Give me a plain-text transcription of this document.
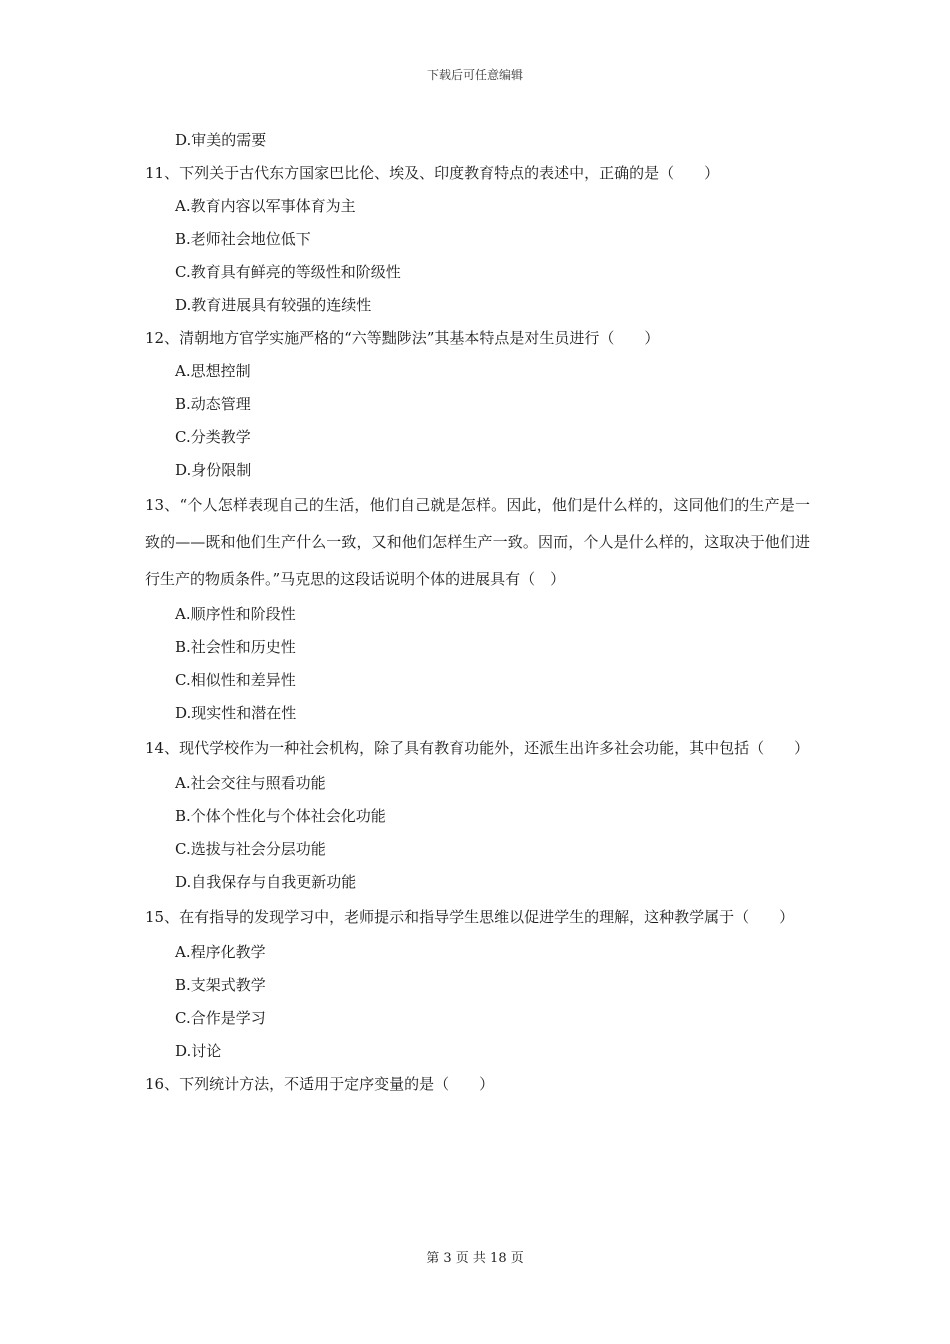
下载后可任意编辑
D.审美的需要
11、下列关于古代东方国家巴比伦、埃及、印度教育特点的表述中，正确的是（　　）
A.教育内容以军事体育为主
B.老师社会地位低下
C.教育具有鲜亮的等级性和阶级性
D.教育进展具有较强的连续性
12、清朝地方官学实施严格的“六等黜陟法”其基本特点是对生员进行（　　）
A.思想控制
B.动态管理
C.分类教学
D.身份限制
13、“个人怎样表现自己的生活，他们自己就是怎样。因此，他们是什么样的，这同他们的生产是一致的——既和他们生产什么一致，又和他们怎样生产一致。因而，个人是什么样的，这取决于他们进行生产的物质条件。”马克思的这段话说明个体的进展具有（　）
A.顺序性和阶段性
B.社会性和历史性
C.相似性和差异性
D.现实性和潜在性
14、现代学校作为一种社会机构，除了具有教育功能外，还派生出许多社会功能，其中包括（　　）
A.社会交往与照看功能
B.个体个性化与个体社会化功能
C.选拔与社会分层功能
D.自我保存与自我更新功能
15、在有指导的发现学习中，老师提示和指导学生思维以促进学生的理解，这种教学属于（　　）
A.程序化教学
B.支架式教学
C.合作是学习
D.讨论
16、下列统计方法，不适用于定序变量的是（　　）
第 3 页 共 18 页
